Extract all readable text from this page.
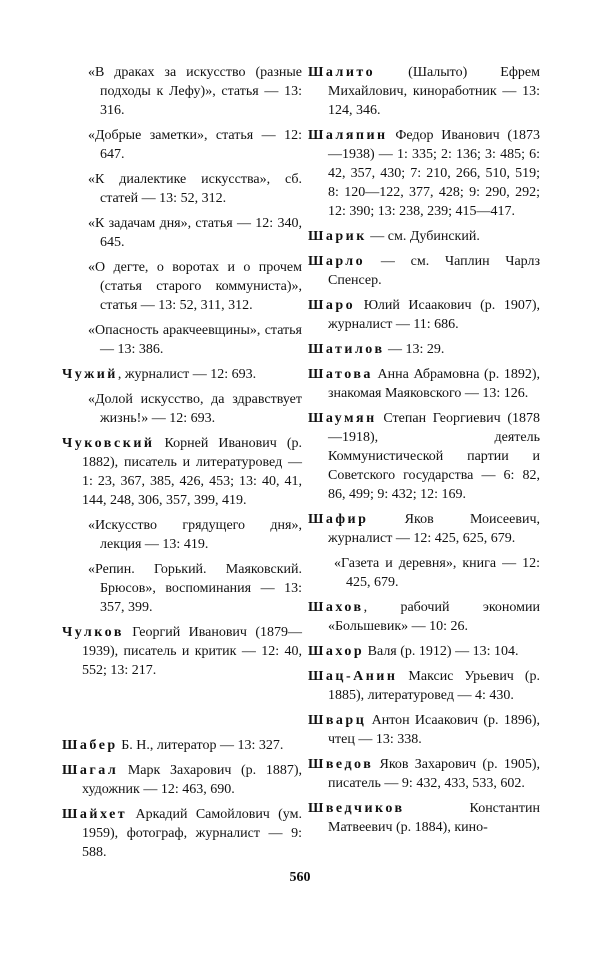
«В драках за искусство (разные подходы к Лефу)», статья — 13: 316.
«Добрые заметки», статья — 12: 647.
«К диалектике искусства», сб. статей — 13: 52, 312.
«К задачам дня», статья — 12: 340, 645.
«О дегте, о воротах и о прочем (статья старого коммуниста)», статья — 13: 52, 311, 312.
«Опасность аракчеевщины», статья — 13: 386.
Чужий, журналист — 12: 693.
«Долой искусство, да здравствует жизнь!» — 12: 693.
Чуковский Корней Иванович (р. 1882), писатель и литературовед — 1: 23, 367, 385, 426, 453; 13: 40, 41, 144, 248, 306, 357, 399, 419.
«Искусство грядущего дня», лекция — 13: 419.
«Репин. Горький. Маяковский. Брюсов», воспоминания — 13: 357, 399.
Чулков Георгий Иванович (1879—1939), писатель и критик — 12: 40, 552; 13: 217.
Шабер Б. Н., литератор — 13: 327.
Шагал Марк Захарович (р. 1887), художник — 12: 463, 690.
Шайхет Аркадий Самойлович (ум. 1959), фотограф, журналист — 9: 588.
Шалито (Шалыто) Ефрем Михайлович, кинорaботник — 13: 124, 346.
Шаляпин Федор Иванович (1873—1938) — 1: 335; 2: 136; 3: 485; 6: 42, 357, 430; 7: 210, 266, 510, 519; 8: 120—122, 377, 428; 9: 290, 292; 12: 390; 13: 238, 239; 415—417.
Шарик — см. Дубинский.
Шарло — см. Чаплин Чарлз Спенсер.
Шаро Юлий Исаакович (р. 1907), журналист — 11: 686.
Шатилов — 13: 29.
Шатова Анна Абрамовна (р. 1892), знакомая Маяковского — 13: 126.
Шаумян Степан Георгиевич (1878—1918), деятель Коммунистической партии и Советского государства — 6: 82, 86, 499; 9: 432; 12: 169.
Шафир Яков Моисеевич, журналист — 12: 425, 625, 679.
«Газета и деревня», книга — 12: 425, 679.
Шахов, рабочий экономии «Большевик» — 10: 26.
Шахор Валя (р. 1912) — 13: 104.
Шац-Анин Максис Урьевич (р. 1885), литературовед — 4: 430.
Шварц Антон Исаакович (р. 1896), чтец — 13: 338.
Шведов Яков Захарович (р. 1905), писатель — 9: 432, 433, 533, 602.
Шведчиков Константин Матвеевич (р. 1884), кино-
560
